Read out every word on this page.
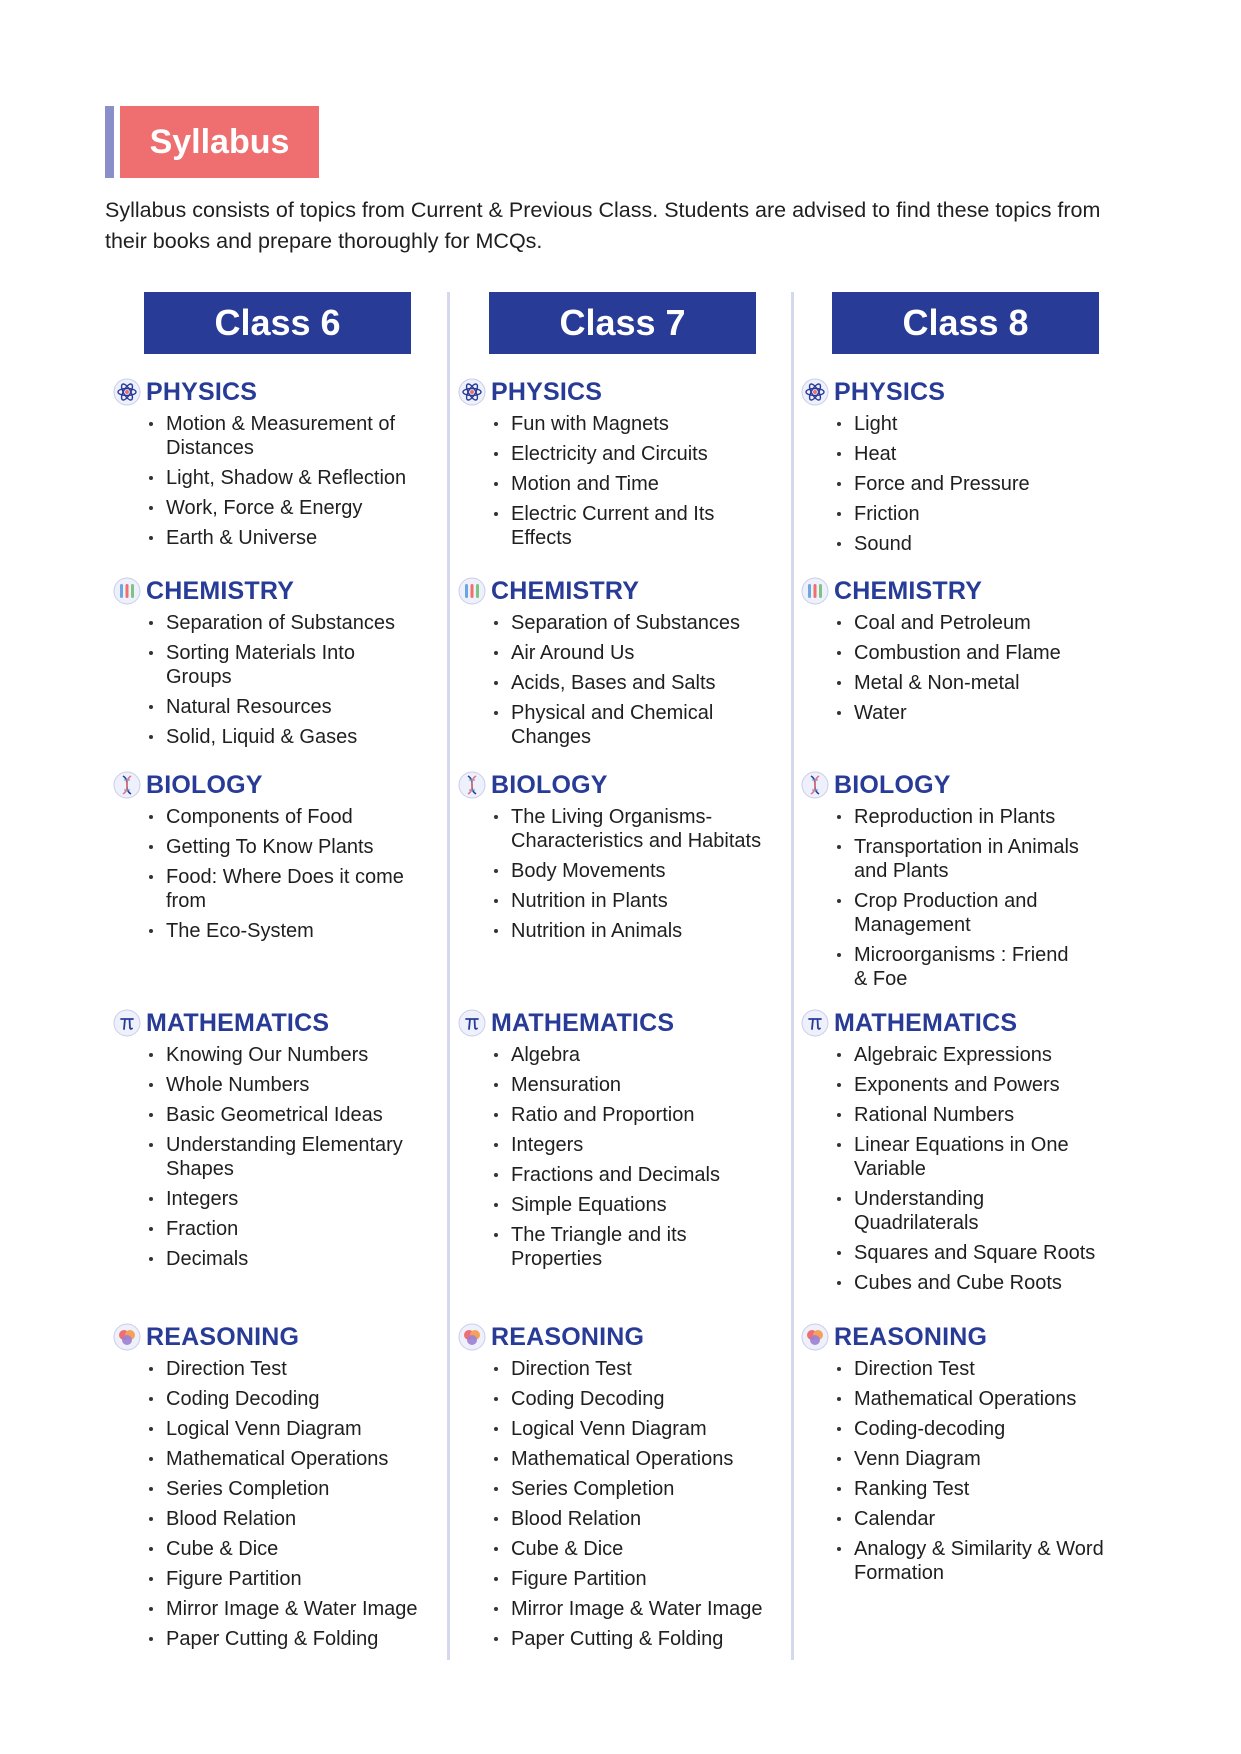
Syllabus
Syllabus consists of topics from Current & Previous Class. Students are advised to find these topics from their books and prepare thoroughly for MCQs.
Class 6
PHYSICS
Motion & Measurement of Distances
Light, Shadow & Reflection
Work, Force & Energy
Earth & Universe
CHEMISTRY
Separation of Substances
Sorting Materials Into Groups
Natural Resources
Solid, Liquid & Gases
BIOLOGY
Components of Food
Getting To Know Plants
Food: Where Does it come from
The Eco-System
MATHEMATICS
Knowing Our Numbers
Whole Numbers
Basic Geometrical Ideas
Understanding Elementary Shapes
Integers
Fraction
Decimals
REASONING
Direction Test
Coding Decoding
Logical Venn Diagram
Mathematical Operations
Series Completion
Blood Relation
Cube & Dice
Figure Partition
Mirror Image & Water Image
Paper Cutting & Folding
Class 7
PHYSICS
Fun with Magnets
Electricity and Circuits
Motion and Time
Electric Current and Its Effects
CHEMISTRY
Separation of Substances
Air Around Us
Acids, Bases and Salts
Physical and Chemical Changes
BIOLOGY
The Living Organisms-Characteristics and Habitats
Body Movements
Nutrition in Plants
Nutrition in Animals
MATHEMATICS
Algebra
Mensuration
Ratio and Proportion
Integers
Fractions and Decimals
Simple Equations
The Triangle and its Properties
REASONING
Direction Test
Coding Decoding
Logical Venn Diagram
Mathematical Operations
Series Completion
Blood Relation
Cube & Dice
Figure Partition
Mirror Image & Water Image
Paper Cutting & Folding
Class 8
PHYSICS
Light
Heat
Force and Pressure
Friction
Sound
CHEMISTRY
Coal and Petroleum
Combustion and Flame
Metal & Non-metal
Water
BIOLOGY
Reproduction in Plants
Transportation in Animals and Plants
Crop Production and Management
Microorganisms : Friend & Foe
MATHEMATICS
Algebraic Expressions
Exponents and Powers
Rational Numbers
Linear Equations in One Variable
Understanding Quadrilaterals
Squares and Square Roots
Cubes and Cube Roots
REASONING
Direction Test
Mathematical Operations
Coding-decoding
Venn Diagram
Ranking Test
Calendar
Analogy & Similarity & Word Formation
